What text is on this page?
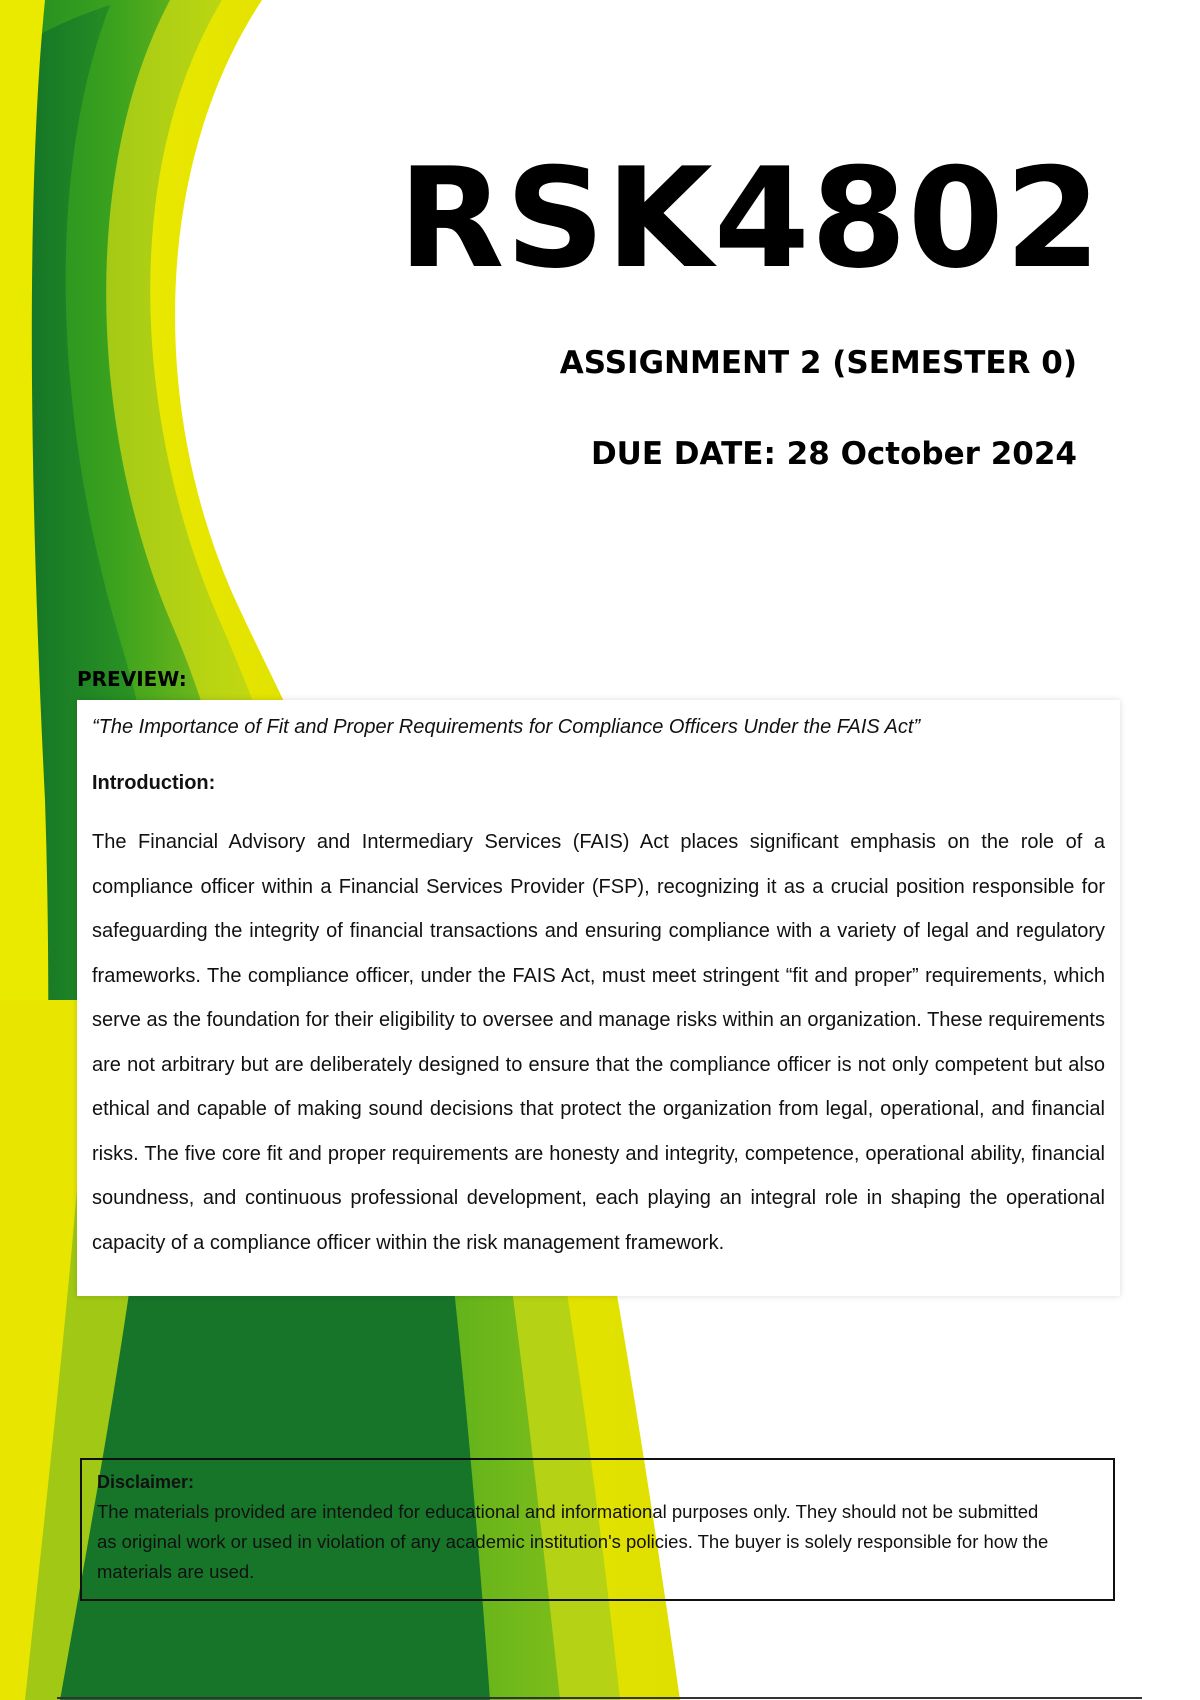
RSK4802
ASSIGNMENT 2 (SEMESTER 0)
DUE DATE: 28 October 2024
PREVIEW:

“The Importance of Fit and Proper Requirements for Compliance Officers Under the FAIS Act”

Introduction:

The Financial Advisory and Intermediary Services (FAIS) Act places significant emphasis on the role of a compliance officer within a Financial Services Provider (FSP), recognizing it as a crucial position responsible for safeguarding the integrity of financial transactions and ensuring compliance with a variety of legal and regulatory frameworks. The compliance officer, under the FAIS Act, must meet stringent “fit and proper” requirements, which serve as the foundation for their eligibility to oversee and manage risks within an organization. These requirements are not arbitrary but are deliberately designed to ensure that the compliance officer is not only competent but also ethical and capable of making sound decisions that protect the organization from legal, operational, and financial risks. The five core fit and proper requirements are honesty and integrity, competence, operational ability, financial soundness, and continuous professional development, each playing an integral role in shaping the operational capacity of a compliance officer within the risk management framework.

Disclaimer:

The materials provided are intended for educational and informational purposes only. They should not be submitted as original work or used in violation of any academic institution's policies. The buyer is solely responsible for how the materials are used.
